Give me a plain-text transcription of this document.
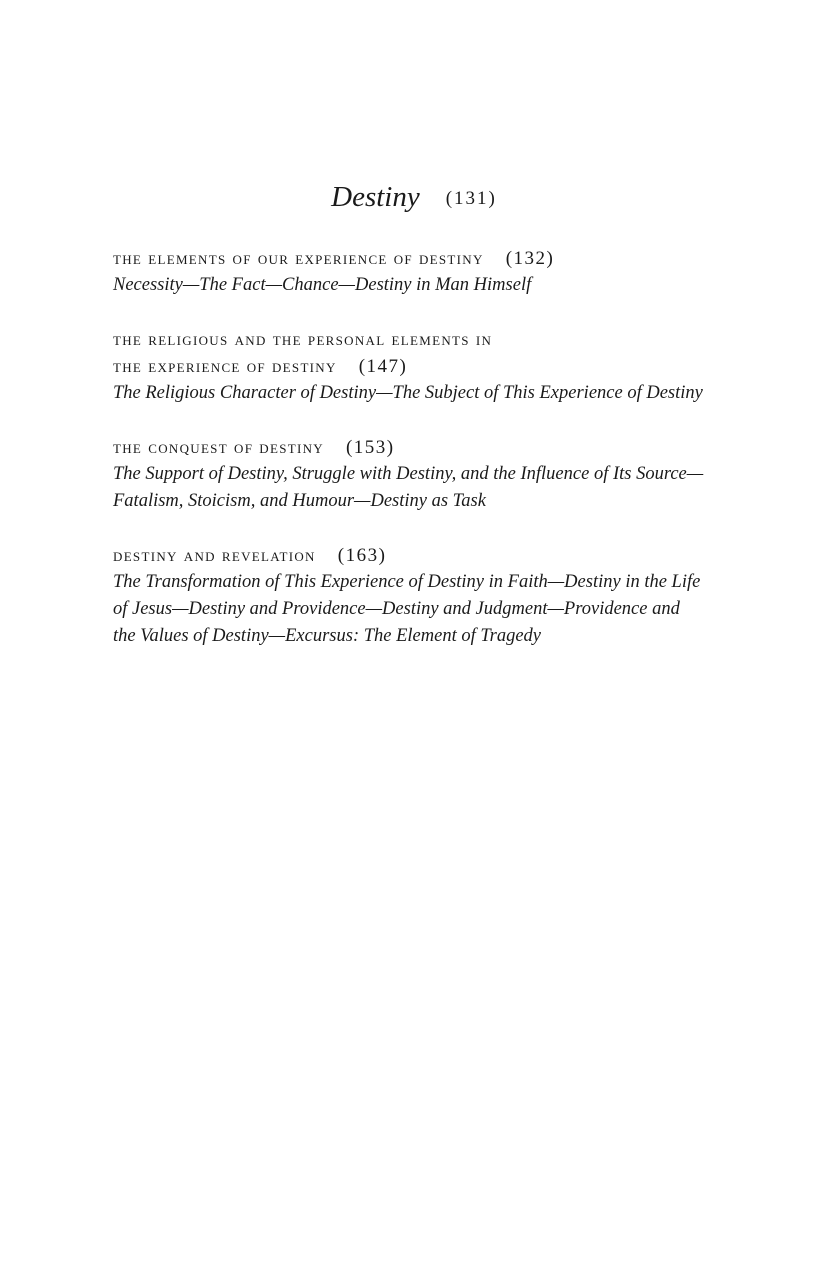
Destiny (131)
the elements of our experience of destiny (132)
Necessity—The Fact—Chance—Destiny in Man Himself
the religious and the personal elements in
the experience of destiny (147)
The Religious Character of Destiny—The Subject of This Experience of Destiny
the conquest of destiny (153)
The Support of Destiny, Struggle with Destiny, and the Influence of Its Source—
Fatalism, Stoicism, and Humour—Destiny as Task
destiny and revelation (163)
The Transformation of This Experience of Destiny in Faith—Destiny in the Life
of Jesus—Destiny and Providence—Destiny and Judgment—Providence and
the Values of Destiny—Excursus: The Element of Tragedy
